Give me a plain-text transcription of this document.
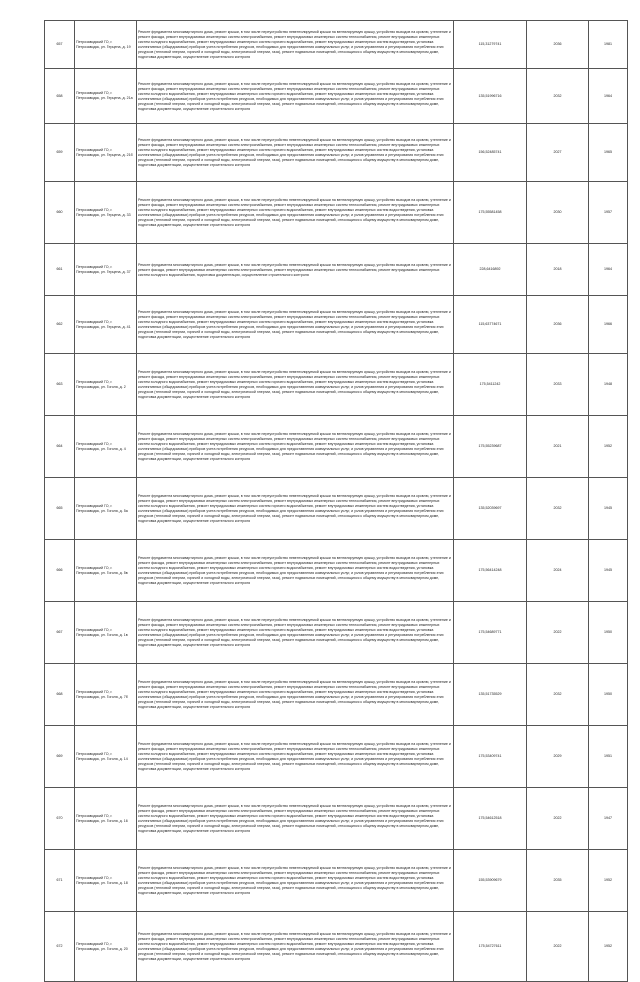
657	Петрозаводский ГО, г. Петрозаводск, ул. Герцена, д. 19	Ремонт фундамента многоквартирного дома, ремонт крыши, в том числе переустройство невентилируемой крыши на вентилируемую крышу, устройство выходов на кровлю, утепление и ремонт фасада, ремонт внутридомовых инженерных систем электроснабжения, ремонт внутридомовых инженерных систем теплоснабжения, ремонт внутридомовых инженерных систем холодного водоснабжения, ремонт внутридомовых инженерных систем горячего водоснабжения, ремонт внутридомовых инженерных систем водоотведения, установка коллективных (общедомовых) приборов учета потребления ресурсов, необходимых для предоставления коммунальных услуг, и узлов управления и регулирования потребления этих ресурсов (тепловой энергии, горячей и холодной воды, электрической энергии, газа), ремонт подвальных помещений, относящихся к общему имуществу в многоквартирном доме, подготовка документации, осуществление строительного контроля	115,31279741	2036	1981
658	Петрозаводский ГО, г. Петрозаводск, ул. Герцена, д. 21а	Ремонт фундамента многоквартирного дома, ремонт крыши, в том числе переустройство невентилируемой крыши на вентилируемую крышу, устройство выходов на кровлю, утепление и ремонт фасада, ремонт внутридомовых инженерных систем электроснабжения, ремонт внутридомовых инженерных систем теплоснабжения, ремонт внутридомовых инженерных систем холодного водоснабжения, ремонт внутридомовых инженерных систем горячего водоснабжения, ремонт внутридомовых инженерных систем водоотведения, установка коллективных (общедомовых) приборов учета потребления ресурсов, необходимых для предоставления коммунальных услуг, и узлов управления и регулирования потребления этих ресурсов (тепловой энергии, горячей и холодной воды, электрической энергии, газа), ремонт подвальных помещений, относящихся к общему имуществу в многоквартирном доме, подготовка документации, осуществление строительного контроля	135,51996716	2032	1964
659	Петрозаводский ГО, г. Петрозаводск, ул. Герцена, д. 21б	Ремонт фундамента многоквартирного дома, ремонт крыши, в том числе переустройство невентилируемой крыши на вентилируемую крышу, устройство выходов на кровлю, утепление и ремонт фасада, ремонт внутридомовых инженерных систем электроснабжения, ремонт внутридомовых инженерных систем теплоснабжения, ремонт внутридомовых инженерных систем холодного водоснабжения, ремонт внутридомовых инженерных систем горячего водоснабжения, ремонт внутридомовых инженерных систем водоотведения, установка коллективных (общедомовых) приборов учета потребления ресурсов, необходимых для предоставления коммунальных услуг, и узлов управления и регулирования потребления этих ресурсов (тепловой энергии, горячей и холодной воды, электрической энергии, газа), ремонт подвальных помещений, относящихся к общему имуществу в многоквартирном доме, подготовка документации, осуществление строительного контроля	156,52485741	2027	1965
660	Петрозаводский ГО, г. Петрозаводск, ул. Герцена, д. 33	Ремонт фундамента многоквартирного дома, ремонт крыши, в том числе переустройство невентилируемой крыши на вентилируемую крышу, устройство выходов на кровлю, утепление и ремонт фасада, ремонт внутридомовых инженерных систем электроснабжения, ремонт внутридомовых инженерных систем теплоснабжения, ремонт внутридомовых инженерных систем холодного водоснабжения, ремонт внутридомовых инженерных систем горячего водоснабжения, ремонт внутридомовых инженерных систем водоотведения, установка коллективных (общедомовых) приборов учета потребления ресурсов, необходимых для предоставления коммунальных услуг, и узлов управления и регулирования потребления этих ресурсов (тепловой энергии, горячей и холодной воды, электрической энергии, газа), ремонт подвальных помещений, относящихся к общему имуществу в многоквартирном доме, подготовка документации, осуществление строительного контроля	175,55581458	2030	1957
661	Петрозаводский ГО, г. Петрозаводск, ул. Герцена, д. 37	Ремонт фундамента многоквартирного дома, ремонт крыши, в том числе переустройство невентилируемой крыши на вентилируемую крышу, устройство выходов на кровлю, утепление и ремонт фасада, ремонт внутридомовых инженерных систем электроснабжения, ремонт внутридомовых инженерных систем теплоснабжения, ремонт внутридомовых инженерных систем холодного водоснабжения, подготовка документации, осуществление строительного контроля	228,6416892	2018	1964
662	Петрозаводский ГО, г. Петрозаводск, ул. Герцена, д. 41	Ремонт фундамента многоквартирного дома, ремонт крыши, в том числе переустройство невентилируемой крыши на вентилируемую крышу, устройство выходов на кровлю, утепление и ремонт фасада, ремонт внутридомовых инженерных систем электроснабжения, ремонт внутридомовых инженерных систем теплоснабжения, ремонт внутридомовых инженерных систем холодного водоснабжения, ремонт внутридомовых инженерных систем горячего водоснабжения, ремонт внутридомовых инженерных систем водоотведения, установка коллективных (общедомовых) приборов учета потребления ресурсов, необходимых для предоставления коммунальных услуг, и узлов управления и регулирования потребления этих ресурсов (тепловой энергии, горячей и холодной воды, электрической энергии, газа), ремонт подвальных помещений, относящихся к общему имуществу в многоквартирном доме, подготовка документации, осуществление строительного контроля	115,63774671	2036	1966
663	Петрозаводский ГО, г. Петрозаводск, ул. Гоголя, д. 2	Ремонт фундамента многоквартирного дома, ремонт крыши, в том числе переустройство невентилируемой крыши на вентилируемую крышу, устройство выходов на кровлю, утепление и ремонт фасада, ремонт внутридомовых инженерных систем электроснабжения, ремонт внутридомовых инженерных систем теплоснабжения, ремонт внутридомовых инженерных систем холодного водоснабжения, ремонт внутридомовых инженерных систем горячего водоснабжения, ремонт внутридомовых инженерных систем водоотведения, установка коллективных (общедомовых) приборов учета потребления ресурсов, необходимых для предоставления коммунальных услуг, и узлов управления и регулирования потребления этих ресурсов (тепловой энергии, горячей и холодной воды, электрической энергии, газа), ремонт подвальных помещений, относящихся к общему имуществу в многоквартирном доме, подготовка документации, осуществление строительного контроля	175,5411242	2033	1948
664	Петрозаводский ГО, г. Петрозаводск, ул. Гоголя, д. 4	Ремонт фундамента многоквартирного дома, ремонт крыши, в том числе переустройство невентилируемой крыши на вентилируемую крышу, устройство выходов на кровлю, утепление и ремонт фасада, ремонт внутридомовых инженерных систем электроснабжения, ремонт внутридомовых инженерных систем теплоснабжения, ремонт внутридомовых инженерных систем холодного водоснабжения, ремонт внутридомовых инженерных систем горячего водоснабжения, ремонт внутридомовых инженерных систем водоотведения, установка коллективных (общедомовых) приборов учета потребления ресурсов, необходимых для предоставления коммунальных услуг, и узлов управления и регулирования потребления этих ресурсов (тепловой энергии, горячей и холодной воды, электрической энергии, газа), ремонт подвальных помещений, относящихся к общему имуществу в многоквартирном доме, подготовка документации, осуществление строительного контроля	175,55239687	2021	1952
665	Петрозаводский ГО, г. Петрозаводск, ул. Гоголя, д. 5а	Ремонт фундамента многоквартирного дома, ремонт крыши, в том числе переустройство невентилируемой крыши на вентилируемую крышу, устройство выходов на кровлю, утепление и ремонт фасада, ремонт внутридомовых инженерных систем электроснабжения, ремонт внутридомовых инженерных систем теплоснабжения, ремонт внутридомовых инженерных систем холодного водоснабжения, ремонт внутридомовых инженерных систем горячего водоснабжения, ремонт внутридомовых инженерных систем водоотведения, установка коллективных (общедомовых) приборов учета потребления ресурсов, необходимых для предоставления коммунальных услуг, и узлов управления и регулирования потребления этих ресурсов (тепловой энергии, горячей и холодной воды, электрической энергии, газа), ремонт подвальных помещений, относящихся к общему имуществу в многоквартирном доме, подготовка документации, осуществление строительного контроля	135,52039697	2032	1945
666	Петрозаводский ГО, г. Петрозаводск, ул. Гоголя, д. 5в	Ремонт фундамента многоквартирного дома, ремонт крыши, в том числе переустройство невентилируемой крыши на вентилируемую крышу, устройство выходов на кровлю, утепление и ремонт фасада, ремонт внутридомовых инженерных систем электроснабжения, ремонт внутридомовых инженерных систем теплоснабжения, ремонт внутридомовых инженерных систем холодного водоснабжения, ремонт внутридомовых инженерных систем горячего водоснабжения, ремонт внутридомовых инженерных систем водоотведения, установка коллективных (общедомовых) приборов учета потребления ресурсов, необходимых для предоставления коммунальных услуг, и узлов управления и регулирования потребления этих ресурсов (тепловой энергии, горячей и холодной воды, электрической энергии, газа), ремонт подвальных помещений, относящихся к общему имуществу в многоквартирном доме, подготовка документации, осуществление строительного контроля	175,56414248	2024	1945
667	Петрозаводский ГО, г. Петрозаводск, ул. Гоголя, д. 1в	Ремонт фундамента многоквартирного дома, ремонт крыши, в том числе переустройство невентилируемой крыши на вентилируемую крышу, устройство выходов на кровлю, утепление и ремонт фасада, ремонт внутридомовых инженерных систем электроснабжения, ремонт внутридомовых инженерных систем теплоснабжения, ремонт внутридомовых инженерных систем холодного водоснабжения, ремонт внутридомовых инженерных систем горячего водоснабжения, ремонт внутридомовых инженерных систем водоотведения, установка коллективных (общедомовых) приборов учета потребления ресурсов, необходимых для предоставления коммунальных услуг, и узлов управления и регулирования потребления этих ресурсов (тепловой энергии, горячей и холодной воды, электрической энергии, газа), ремонт подвальных помещений, относящихся к общему имуществу в многоквартирном доме, подготовка документации, осуществление строительного контроля	175,54689771	2022	1950
668	Петрозаводский ГО, г. Петрозаводск, ул. Гоголя, д. 7б	Ремонт фундамента многоквартирного дома, ремонт крыши, в том числе переустройство невентилируемой крыши на вентилируемую крышу, устройство выходов на кровлю, утепление и ремонт фасада, ремонт внутридомовых инженерных систем электроснабжения, ремонт внутридомовых инженерных систем теплоснабжения, ремонт внутридомовых инженерных систем холодного водоснабжения, ремонт внутридомовых инженерных систем горячего водоснабжения, ремонт внутридомовых инженерных систем водоотведения, установка коллективных (общедомовых) приборов учета потребления ресурсов, необходимых для предоставления коммунальных услуг, и узлов управления и регулирования потребления этих ресурсов (тепловой энергии, горячей и холодной воды, электрической энергии, газа), ремонт подвальных помещений, относящихся к общему имуществу в многоквартирном доме, подготовка документации, осуществление строительного контроля	135,51735529	2032	1950
669	Петрозаводский ГО, г. Петрозаводск, ул. Гоголя, д. 14	Ремонт фундамента многоквартирного дома, ремонт крыши, в том числе переустройство невентилируемой крыши на вентилируемую крышу, устройство выходов на кровлю, утепление и ремонт фасада, ремонт внутридомовых инженерных систем электроснабжения, ремонт внутридомовых инженерных систем теплоснабжения, ремонт внутридомовых инженерных систем холодного водоснабжения, ремонт внутридомовых инженерных систем горячего водоснабжения, ремонт внутридомовых инженерных систем водоотведения, установка коллективных (общедомовых) приборов учета потребления ресурсов, необходимых для предоставления коммунальных услуг, и узлов управления и регулирования потребления этих ресурсов (тепловой энергии, горячей и холодной воды, электрической энергии, газа), ремонт подвальных помещений, относящихся к общему имуществу в многоквартирном доме, подготовка документации, осуществление строительного контроля	175,53409741	2029	1951
670	Петрозаводский ГО, г. Петрозаводск, ул. Гоголя, д. 16	Ремонт фундамента многоквартирного дома, ремонт крыши, в том числе переустройство невентилируемой крыши на вентилируемую крышу, устройство выходов на кровлю, утепление и ремонт фасада, ремонт внутридомовых инженерных систем электроснабжения, ремонт внутридомовых инженерных систем теплоснабжения, ремонт внутридомовых инженерных систем холодного водоснабжения, ремонт внутридомовых инженерных систем горячего водоснабжения, ремонт внутридомовых инженерных систем водоотведения, установка коллективных (общедомовых) приборов учета потребления ресурсов, необходимых для предоставления коммунальных услуг, и узлов управления и регулирования потребления этих ресурсов (тепловой энергии, горячей и холодной воды, электрической энергии, газа), ремонт подвальных помещений, относящихся к общему имуществу в многоквартирном доме, подготовка документации, осуществление строительного контроля	175,54612518	2022	1947
671	Петрозаводский ГО, г. Петрозаводск, ул. Гоголя, д. 18	Ремонт фундамента многоквартирного дома, ремонт крыши, в том числе переустройство невентилируемой крыши на вентилируемую крышу, устройство выходов на кровлю, утепление и ремонт фасада, ремонт внутридомовых инженерных систем электроснабжения, ремонт внутридомовых инженерных систем теплоснабжения, ремонт внутридомовых инженерных систем холодного водоснабжения, ремонт внутридомовых инженерных систем горячего водоснабжения, ремонт внутридомовых инженерных систем водоотведения, установка коллективных (общедомовых) приборов учета потребления ресурсов, необходимых для предоставления коммунальных услуг, и узлов управления и регулирования потребления этих ресурсов (тепловой энергии, горячей и холодной воды, электрической энергии, газа), ремонт подвальных помещений, относящихся к общему имуществу в многоквартирном доме, подготовка документации, осуществление строительного контроля	155,53909679	2035	1952
672	Петрозаводский ГО, г. Петрозаводск, ул. Гоголя, д. 20	Ремонт фундамента многоквартирного дома, ремонт крыши, в том числе переустройство невентилируемой крыши на вентилируемую крышу, устройство выходов на кровлю, утепление и ремонт фасада, ремонт внутридомовых инженерных систем электроснабжения, ремонт внутридомовых инженерных систем теплоснабжения, ремонт внутридомовых инженерных систем холодного водоснабжения, ремонт внутридомовых инженерных систем горячего водоснабжения, ремонт внутридомовых инженерных систем водоотведения, установка коллективных (общедомовых) приборов учета потребления ресурсов, необходимых для предоставления коммунальных услуг, и узлов управления и регулирования потребления этих ресурсов (тепловой энергии, горячей и холодной воды, электрической энергии, газа), ремонт подвальных помещений, относящихся к общему имуществу в многоквартирном доме, подготовка документации, осуществление строительного контроля	175,54727611	2022	1952
